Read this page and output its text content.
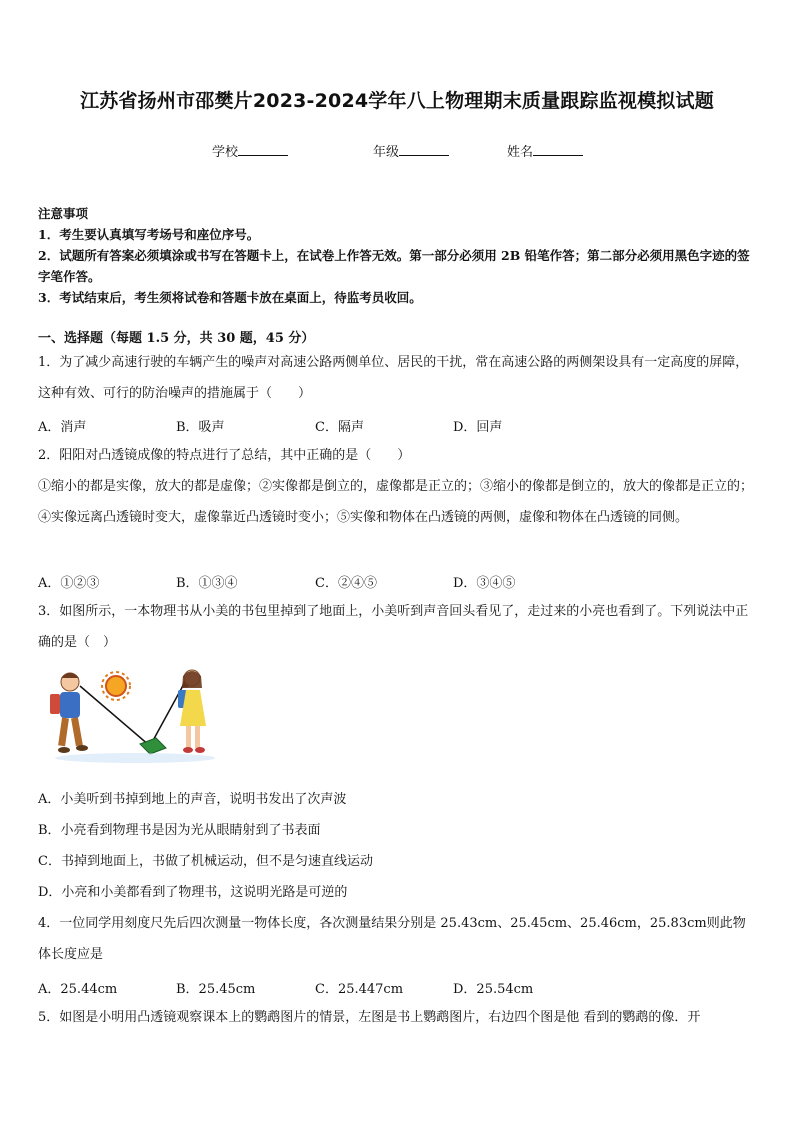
江苏省扬州市邵樊片2023-2024学年八上物理期末质量跟踪监视模拟试题
学校	年级	姓名
注意事项
1．考生要认真填写考场号和座位序号。
2．试题所有答案必须填涂或书写在答题卡上，在试卷上作答无效。第一部分必须用 2B 铅笔作答；第二部分必须用黑色字迹的签字笔作答。
3．考试结束后，考生须将试卷和答题卡放在桌面上，待监考员收回。
一、选择题（每题 1.5 分，共 30 题，45 分）
1．为了减少高速行驶的车辆产生的噪声对高速公路两侧单位、居民的干扰，常在高速公路的两侧架设具有一定高度的屏障，这种有效、可行的防治噪声的措施属于（　　）
A．消声	B．吸声	C．隔声	D．回声
2．阳阳对凸透镜成像的特点进行了总结，其中正确的是（　　）
①缩小的都是实像，放大的都是虚像；②实像都是倒立的，虚像都是正立的；③缩小的像都是倒立的，放大的像都是正立的；④实像远离凸透镜时变大，虚像靠近凸透镜时变小；⑤实像和物体在凸透镜的两侧，虚像和物体在凸透镜的同侧。
A．①②③	B．①③④	C．②④⑤	D．③④⑤
3．如图所示，一本物理书从小美的书包里掉到了地面上，小美听到声音回头看见了，走过来的小亮也看到了。下列说法中正确的是（　）
A．小美听到书掉到地上的声音，说明书发出了次声波
B．小亮看到物理书是因为光从眼睛射到了书表面
C．书掉到地面上，书做了机械运动，但不是匀速直线运动
D．小亮和小美都看到了物理书，这说明光路是可逆的
4．一位同学用刻度尺先后四次测量一物体长度，各次测量结果分别是 25.43cm、25.45cm、25.46cm，25.83cm则此物体长度应是
A．25.44cm	B．25.45cm	C．25.447cm	D．25.54cm
5．如图是小明用凸透镜观察课本上的鹦鹉图片的情景，左图是书上鹦鹉图片，右边四个图是他 看到的鹦鹉的像．开
